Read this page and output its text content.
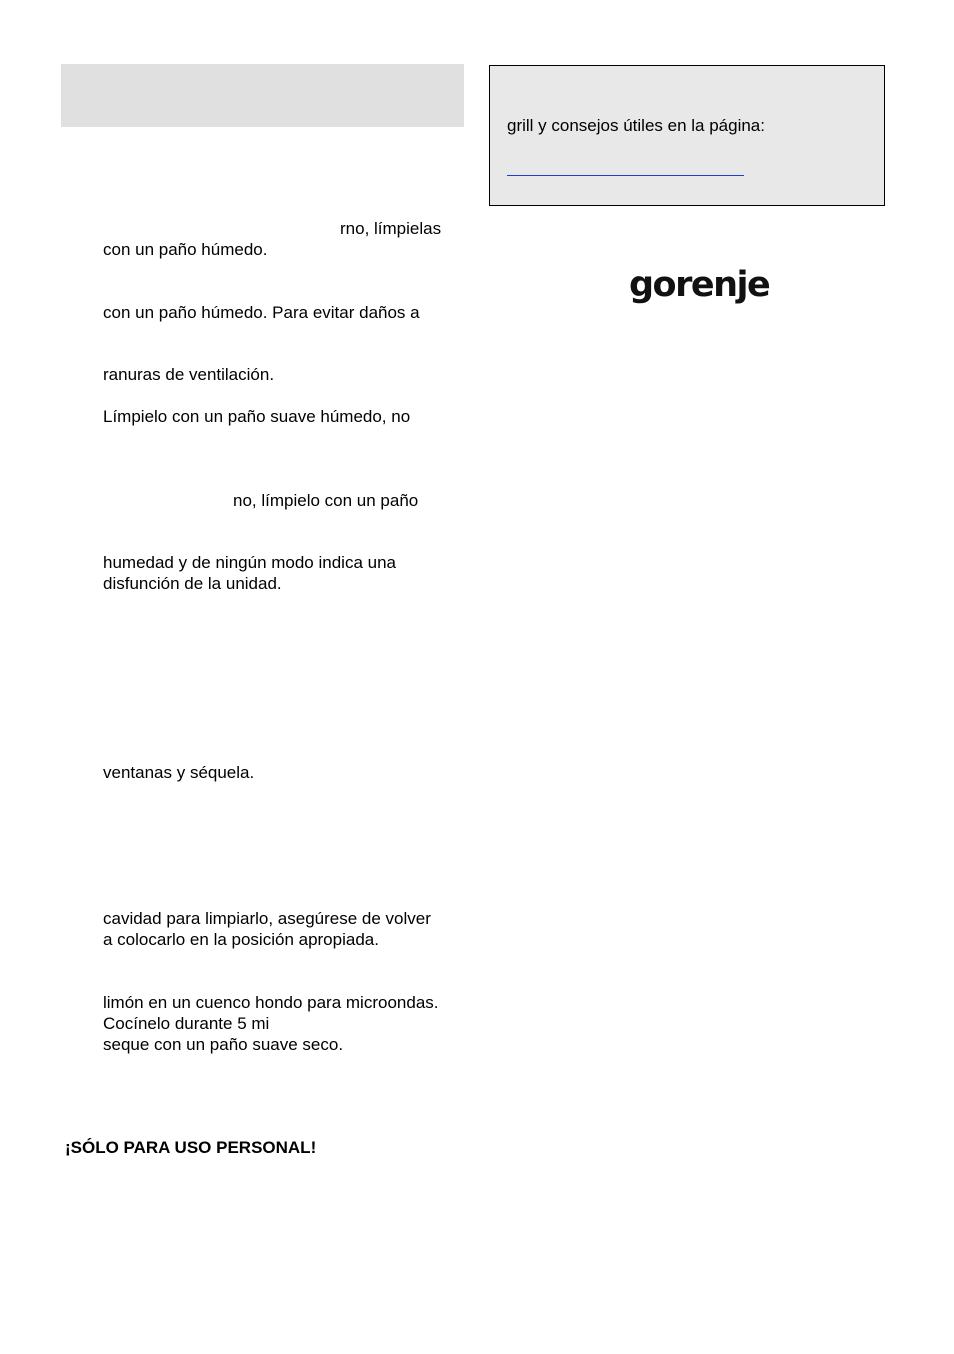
grill y consejos útiles en la página:
gorenje
rno, límpielas
con un paño húmedo.
con un paño húmedo. Para evitar daños a
ranuras de ventilación.
Límpielo con un paño suave húmedo, no
no, límpielo con un paño
humedad y de ningún modo indica una
disfunción de la unidad.
ventanas y séquela.
cavidad para limpiarlo, asegúrese de volver
a colocarlo en la posición apropiada.
limón en un cuenco hondo para microondas.
Cocínelo durante 5 mi
seque con un paño suave seco.
¡SÓLO PARA USO PERSONAL!
